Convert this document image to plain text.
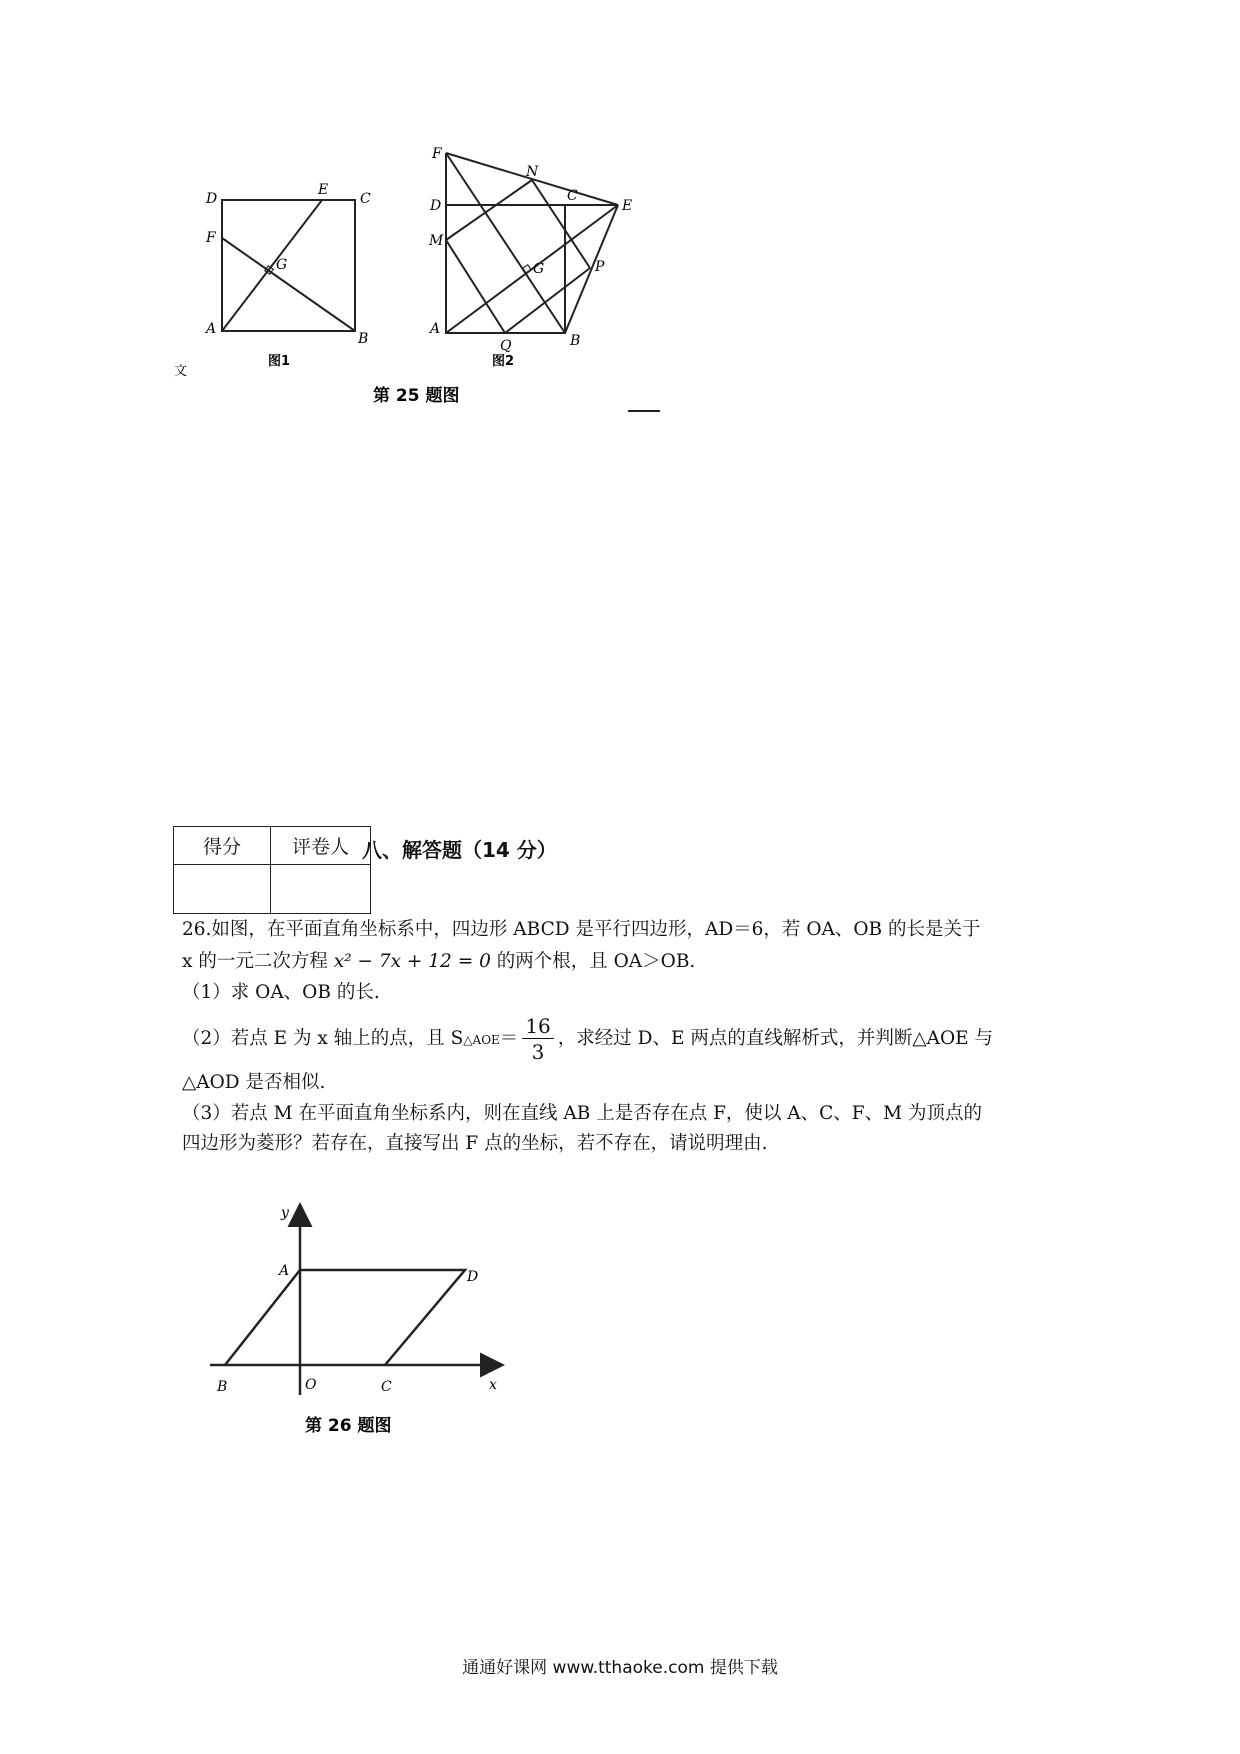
D
E
C
F
G
A
B
图1
文
F
N
D
C
E
M
G	P
A
Q	B
图2
第 25 题图
得分	评卷人
	八、解答题（14 分）
26.如图，在平面直角坐标系中，四边形 ABCD 是平行四边形，AD＝6，若 OA、OB 的长是关于
x 的一元二次方程 x² − 7x + 12 = 0 的两个根，且 OA＞OB.
（1）求 OA、OB 的长.
（2）若点 E 为 x 轴上的点，且 S△AOE＝ $\frac{16}{3}$ ，求经过 D、E 两点的直线解析式，并判断△AOE 与
△AOD 是否相似.
（3）若点 M 在平面直角坐标系内，则在直线 AB 上是否存在点 F，使以 A、C、F、M 为顶点的
四边形为菱形？若存在，直接写出 F 点的坐标，若不存在，请说明理由.
y
A	D
B	O	C	x
第 26 题图
通通好课网 www.tthaoke.com 提供下载
